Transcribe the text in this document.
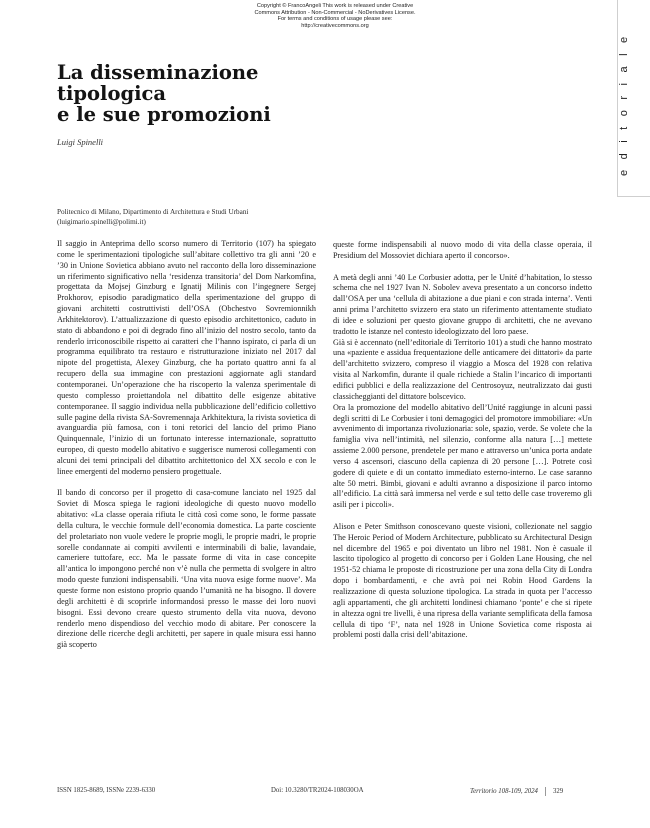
Copyright © FrancoAngeli This work is released under Creative
Commons Attribution - Non-Commercial - NoDerivatives License.
For terms and conditions of usage please see:
http://creativecommons.org
editoriale
La disseminazione
tipologica
e le sue promozioni
Luigi Spinelli
Politecnico di Milano, Dipartimento di Architettura e Studi Urbani
(luigimario.spinelli@polimi.it)

Il saggio in Anteprima dello scorso numero di Territorio (107) ha spiegato come le sperimentazioni tipologiche sull’abitare collettivo tra gli anni ’20 e ’30 in Unione Sovietica abbiano avuto nel racconto della loro disseminazione un riferimento significativo nella ‘residenza transitoria’ del Dom Narkomfina, progettata da Mojsej Ginzburg e Ignatij Milinis con l’ingegnere Sergej Prokhorov, episodio paradigmatico della sperimentazione del gruppo di giovani architetti costruttivisti dell’OSA (Obchestvo Sovremionnikh Arkhitektorov). L’attualizzazione di questo episodio architettonico, caduto in stato di abbandono e poi di degrado fino all’inizio del nostro secolo, tanto da renderlo irriconoscibile rispetto ai caratteri che l’hanno ispirato, ci parla di un programma equilibrato tra restauro e ristrutturazione iniziato nel 2017 dal nipote del progettista, Alexey Ginzburg, che ha portato quattro anni fa al recupero della sua immagine con prestazioni aggiornate agli standard contemporanei. Un’operazione che ha riscoperto la valenza sperimentale di questo complesso proiettandola nel dibattito delle esigenze abitative contemporanee. Il saggio individua nella pubblicazione dell’edificio collettivo sulle pagine della rivista SA-Sovremennaja Arkhitektura, la rivista sovietica di avanguardia più famosa, con i toni retorici del lancio del primo Piano Quinquennale, l’inizio di un fortunato interesse internazionale, soprattutto europeo, di questo modello abitativo e suggerisce numerosi collegamenti con alcuni dei temi principali del dibattito architettonico del XX secolo e con le linee emergenti del moderno pensiero progettuale.

Il bando di concorso per il progetto di casa-comune lanciato nel 1925 dal Soviet di Mosca spiega le ragioni ideologiche di questo nuovo modello abitativo: «La classe operaia rifiuta le città così come sono, le forme passate della cultura, le vecchie formule dell’economia domestica. La parte cosciente del proletariato non vuole vedere le proprie mogli, le proprie madri, le proprie sorelle condannate ai compiti avvilenti e interminabili di balie, lavandaie, cameriere tuttofare, ecc. Ma le passate forme di vita in case concepite all’antica lo impongono perché non v’è nulla che permetta di svolgere in altro modo queste funzioni indispensabili. ‘Una vita nuova esige forme nuove’. Ma queste forme non esistono proprio quando l’umanità ne ha bisogno. Il dovere degli architetti è di scoprirle informandosi presso le masse dei loro nuovi bisogni. Essi devono creare questo strumento della vita nuova, devono renderlo meno dispendioso del vecchio modo di abitare. Per conoscere la direzione delle ricerche degli architetti, per sapere in quale misura essi hanno già scoperto

queste forme indispensabili al nuovo modo di vita della classe operaia, il Presidium del Mossoviet dichiara aperto il concorso».

A metà degli anni ’40 Le Corbusier adotta, per le Unité d’habitation, lo stesso schema che nel 1927 Ivan N. Sobolev aveva presentato a un concorso indetto dall’OSA per una ‘cellula di abitazione a due piani e con strada interna’. Venti anni prima l’architetto svizzero era stato un riferimento attentamente studiato di idee e soluzioni per questo giovane gruppo di architetti, che ne avevano tradotto le istanze nel contesto ideologizzato del loro paese.

Già si è accennato (nell’editoriale di Territorio 101) a studi che hanno mostrato una «paziente e assidua frequentazione delle anticamere dei dittatori» da parte dell’architetto svizzero, compreso il viaggio a Mosca del 1928 con relativa visita al Narkomfin, durante il quale richiede a Stalin l’incarico di importanti edifici pubblici e della realizzazione del Centrosoyuz, neutralizzato dai gusti classicheggianti del dittatore bolscevico.

Ora la promozione del modello abitativo dell’Unité raggiunge in alcuni passi degli scritti di Le Corbusier i toni demagogici del promotore immobiliare: «Un avvenimento di importanza rivoluzionaria: sole, spazio, verde. Se volete che la famiglia viva nell’intimità, nel silenzio, conforme alla natura […] mettete assieme 2.000 persone, prendetele per mano e attraverso un’unica porta andate verso 4 ascensori, ciascuno della capienza di 20 persone […]. Potrete così godere di quiete e di un contatto immediato esterno-interno. Le case saranno alte 50 metri. Bimbi, giovani e adulti avranno a disposizione il parco intorno all’edificio. La città sarà immersa nel verde e sul tetto delle case troveremo gli asili per i piccoli».

Alison e Peter Smithson conoscevano queste visioni, collezionate nel saggio The Heroic Period of Modern Architecture, pubblicato su Architectural Design nel dicembre del 1965 e poi diventato un libro nel 1981. Non è casuale il lascito tipologico al progetto di concorso per i Golden Lane Housing, che nel 1951-52 chiama le proposte di ricostruzione per una zona della City di Londra dopo i bombardamenti, e che avrà poi nei Robin Hood Gardens la realizzazione di questa soluzione tipologica. La strada in quota per l’accesso agli appartamenti, che gli architetti londinesi chiamano ‘ponte’ e che si ripete in altezza ogni tre livelli, è una ripresa della variante semplificata della famosa cellula di tipo ‘F’, nata nel 1928 in Unione Sovietica come risposta ai problemi posti dalla crisi dell’abitazione.

ISSN 1825-8689, ISSNe 2239-6330	Doi: 10.3280/TR2024-108030OA	Territorio 108-109, 2024 329
